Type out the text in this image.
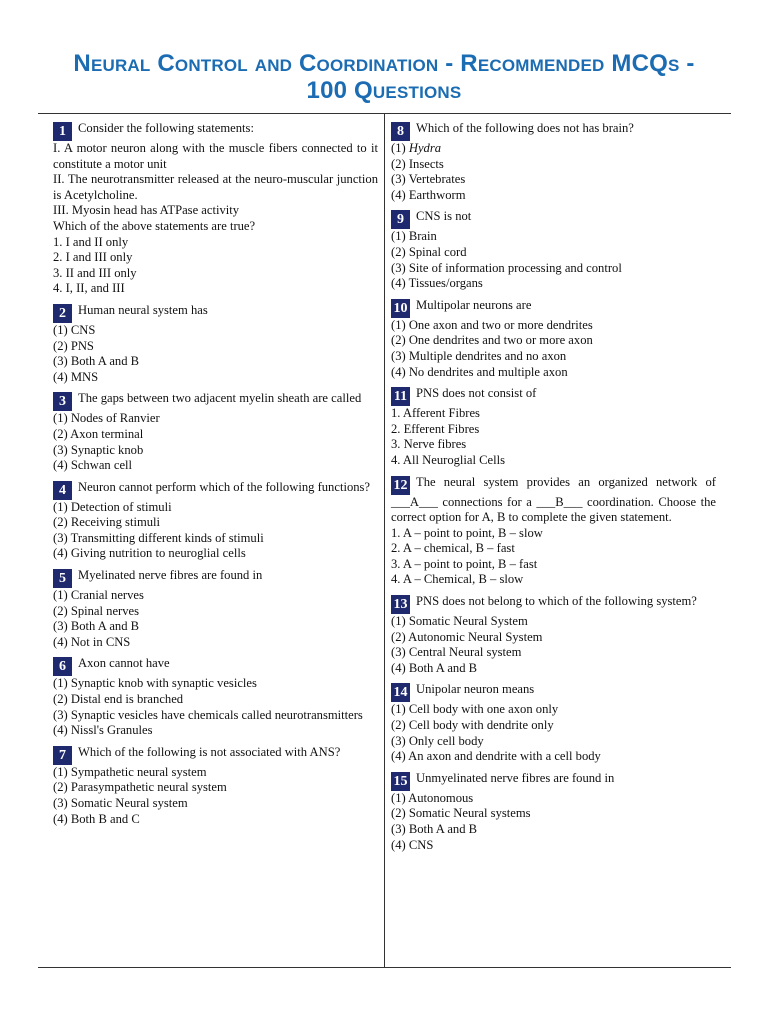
Neural Control and Coordination - Recommended MCQs -
100 Questions

1 Consider the following statements:

I. A motor neuron along with the muscle fibers connected to it constitute a motor unit

II. The neurotransmitter released at the neuro-muscular junction is Acetylcholine.

III. Myosin head has ATPase activity

Which of the above statements are true?

1. I and II only

2. I and III only

3. II and III only

4. I, II, and III

2 Human neural system has

(1) CNS

(2) PNS

(3) Both A and B

(4) MNS

3 The gaps between two adjacent myelin sheath are called

(1) Nodes of Ranvier

(2) Axon terminal

(3) Synaptic knob

(4) Schwan cell

4 Neuron cannot perform which of the following functions?

(1) Detection of stimuli

(2) Receiving stimuli

(3) Transmitting different kinds of stimuli

(4) Giving nutrition to neuroglial cells

5 Myelinated nerve fibres are found in

(1) Cranial nerves

(2) Spinal nerves

(3) Both A and B

(4) Not in CNS

6 Axon cannot have

(1) Synaptic knob with synaptic vesicles

(2) Distal end is branched

(3) Synaptic vesicles have chemicals called neurotransmitters

(4) Nissl's Granules

7 Which of the following is not associated with ANS?

(1) Sympathetic neural system

(2) Parasympathetic neural system

(3) Somatic Neural system

(4) Both B and C

8 Which of the following does not has brain?

(1) Hydra

(2) Insects

(3) Vertebrates

(4) Earthworm

9 CNS is not

(1) Brain

(2) Spinal cord

(3) Site of information processing and control

(4) Tissues/organs

10 Multipolar neurons are

(1) One axon and two or more dendrites

(2) One dendrites and two or more axon

(3) Multiple dendrites and no axon

(4) No dendrites and multiple axon

11 PNS does not consist of

1. Afferent Fibres

2. Efferent Fibres

3. Nerve fibres

4. All Neuroglial Cells

12 The neural system provides an organized network of ___A___ connections for a ___B___ coordination. Choose the correct option for A, B to complete the given statement.

1. A – point to point, B – slow

2. A – chemical, B – fast

3. A – point to point, B – fast

4. A – Chemical, B – slow

13 PNS does not belong to which of the following system?

(1) Somatic Neural System

(2) Autonomic Neural System

(3) Central Neural system

(4) Both A and B

14 Unipolar neuron means

(1) Cell body with one axon only

(2) Cell body with dendrite only

(3) Only cell body

(4) An axon and dendrite with a cell body

15 Unmyelinated nerve fibres are found in

(1) Autonomous

(2) Somatic Neural systems

(3) Both A and B

(4) CNS
